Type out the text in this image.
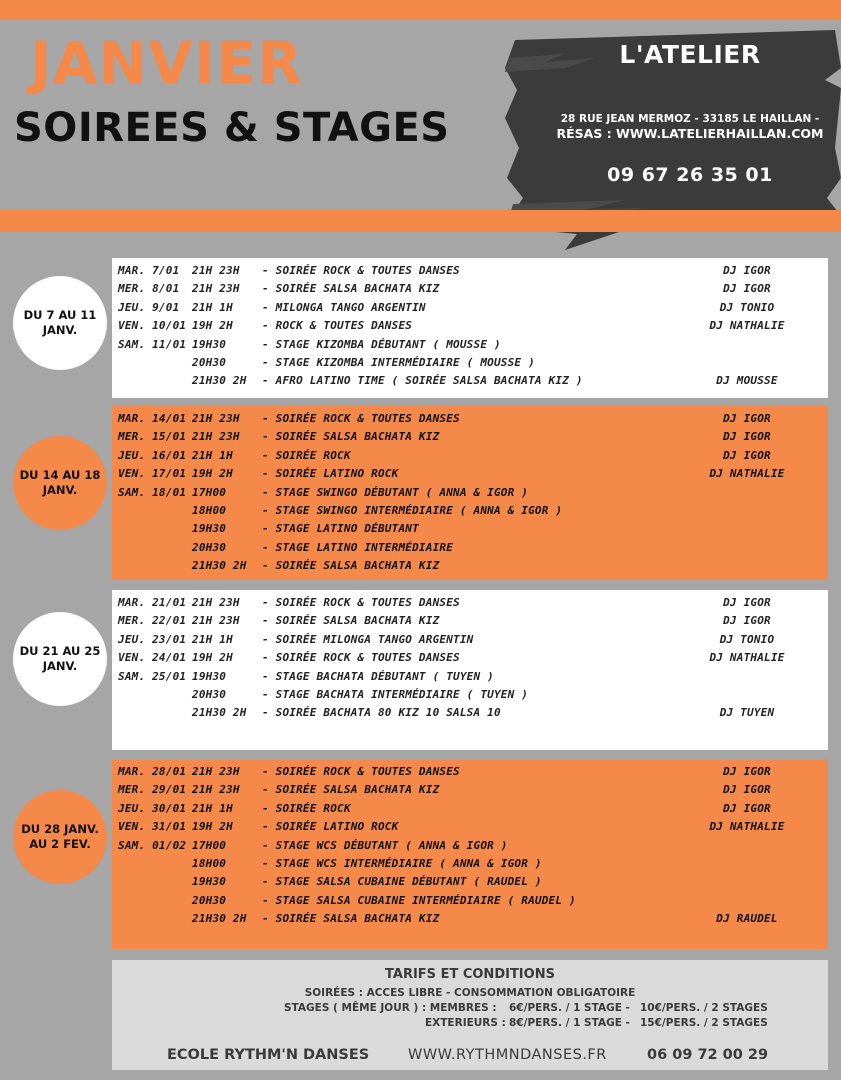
JANVIER
SOIREES & STAGES
L'ATELIER
28 RUE JEAN MERMOZ - 33185 LE HAILLAN -
RÉSAS : WWW.LATELIERHAILLAN.COM
09 67 26 35 01
DU 7 AU 11
JANV.
MAR. 7/01 21H 23H - SOIRÉE ROCK & TOUTES DANSES	DJ IGOR
MER. 8/01 21H 23H - SOIRÉE SALSA BACHATA KIZ	DJ IGOR
JEU. 9/01 21H 1H	- MILONGA TANGO ARGENTIN	DJ TONIO
VEN. 10/01 19H 2H	- ROCK & TOUTES DANSES	DJ NATHALIE
SAM. 11/01 19H30	- STAGE KIZOMBA DÉBUTANT ( MOUSSE )
20H30	- STAGE KIZOMBA INTERMÉDIAIRE ( MOUSSE )
21H30 2H - AFRO LATINO TIME ( SOIRÉE SALSA BACHATA KIZ )	DJ MOUSSE
DU 14 AU 18
JANV.
MAR. 14/01 21H 23H - SOIRÉE ROCK & TOUTES DANSES	DJ IGOR
MER. 15/01 21H 23H - SOIRÉE SALSA BACHATA KIZ	DJ IGOR
JEU. 16/01 21H 1H	- SOIRÉE ROCK	DJ IGOR
VEN. 17/01 19H 2H	- SOIRÉE LATINO ROCK	DJ NATHALIE
SAM. 18/01 17H00	- STAGE SWINGO DÉBUTANT ( ANNA & IGOR )
18H00	- STAGE SWINGO INTERMÉDIAIRE ( ANNA & IGOR )
19H30	- STAGE LATINO DÉBUTANT
20H30	- STAGE LATINO INTERMÉDIAIRE
21H30 2H - SOIRÉE SALSA BACHATA KIZ
DU 21 AU 25
JANV.
MAR. 21/01 21H 23H - SOIRÉE ROCK & TOUTES DANSES	DJ IGOR
MER. 22/01 21H 23H - SOIRÉE SALSA BACHATA KIZ	DJ IGOR
JEU. 23/01 21H 1H	- SOIRÉE MILONGA TANGO ARGENTIN	DJ TONIO
VEN. 24/01 19H 2H	- SOIRÉE ROCK & TOUTES DANSES	DJ NATHALIE
SAM. 25/01 19H30	- STAGE BACHATA DÉBUTANT ( TUYEN )
20H30	- STAGE BACHATA INTERMÉDIAIRE ( TUYEN )
21H30 2H - SOIRÉE BACHATA 80 KIZ 10 SALSA 10	DJ TUYEN
DU 28 JANV.
AU 2 FEV.
MAR. 28/01 21H 23H - SOIRÉE ROCK & TOUTES DANSES	DJ IGOR
MER. 29/01 21H 23H - SOIRÉE SALSA BACHATA KIZ	DJ IGOR
JEU. 30/01 21H 1H	- SOIRÉE ROCK	DJ IGOR
VEN. 31/01 19H 2H	- SOIRÉE LATINO ROCK	DJ NATHALIE
SAM. 01/02 17H00	- STAGE WCS DÉBUTANT ( ANNA & IGOR )
18H00	- STAGE WCS INTERMÉDIAIRE ( ANNA & IGOR )
19H30	- STAGE SALSA CUBAINE DÉBUTANT ( RAUDEL )
20H30	- STAGE SALSA CUBAINE INTERMÉDIAIRE ( RAUDEL )
21H30 2H - SOIRÉE SALSA BACHATA KIZ	DJ RAUDEL
TARIFS ET CONDITIONS
SOIRÉES : ACCES LIBRE - CONSOMMATION OBLIGATOIRE
STAGES ( MÊME JOUR ) : MEMBRES : 6€/PERS. / 1 STAGE - 10€/PERS. / 2 STAGES
EXTERIEURS : 8€/PERS. / 1 STAGE - 15€/PERS. / 2 STAGES
ECOLE RYTHM'N DANSES	WWW.RYTHMNDANSES.FR	06 09 72 00 29
